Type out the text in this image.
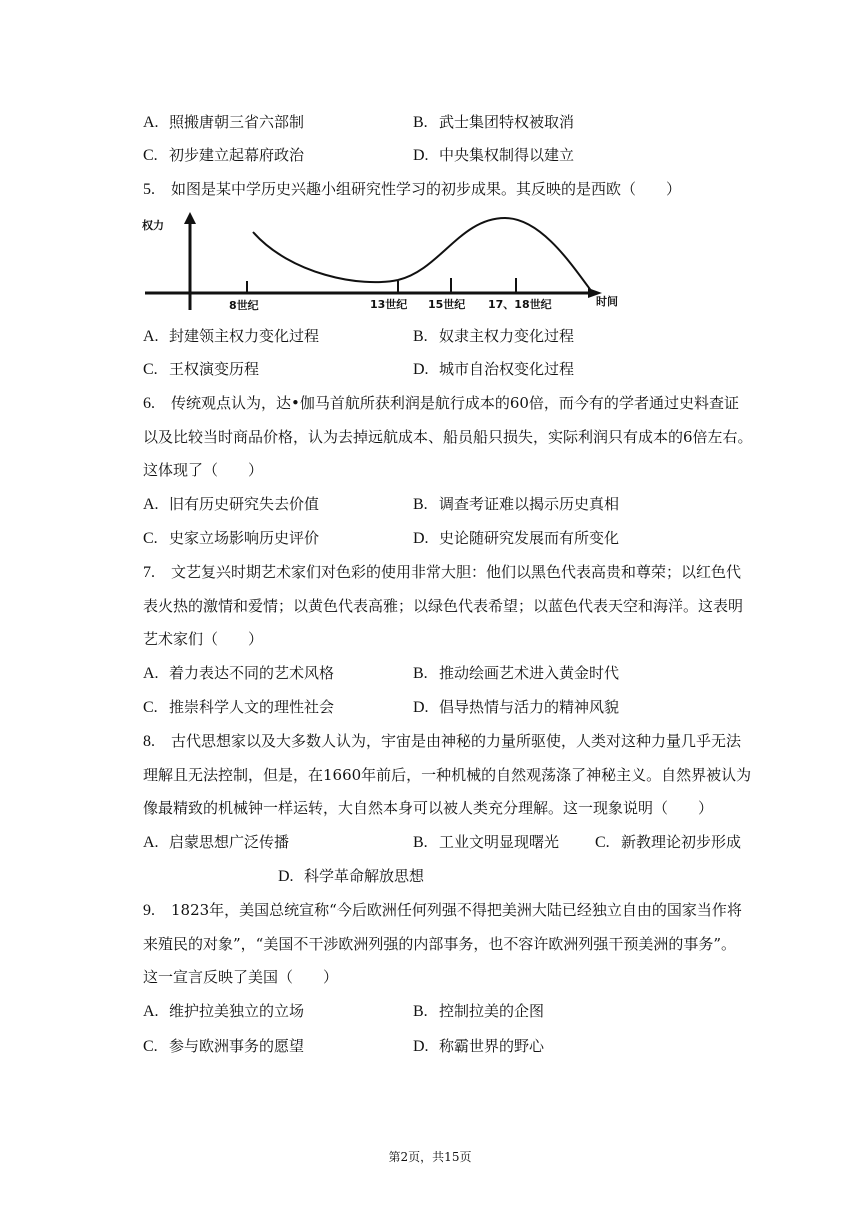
A. 照搬唐朝三省六部制	B. 武士集团特权被取消
C. 初步建立起幕府政治	D. 中央集权制得以建立
5. 如图是某中学历史兴趣小组研究性学习的初步成果。其反映的是西欧（　　）
权力
8世纪	13世纪 15世纪 17、18世纪	时间
A. 封建领主权力变化过程	B. 奴隶主权力变化过程
C. 王权演变历程	D. 城市自治权变化过程
6. 传统观点认为，达•伽马首航所获利润是航行成本的60倍，而今有的学者通过史料查证
以及比较当时商品价格，认为去掉远航成本、船员船只损失，实际利润只有成本的6倍左右。
这体现了（　　）
A. 旧有历史研究失去价值	B. 调查考证难以揭示历史真相
C. 史家立场影响历史评价	D. 史论随研究发展而有所变化
7. 文艺复兴时期艺术家们对色彩的使用非常大胆：他们以黑色代表高贵和尊荣；以红色代
表火热的激情和爱情；以黄色代表高雅；以绿色代表希望；以蓝色代表天空和海洋。这表明
艺术家们（　　）
A. 着力表达不同的艺术风格	B. 推动绘画艺术进入黄金时代
C. 推崇科学人文的理性社会	D. 倡导热情与活力的精神风貌
8. 古代思想家以及大多数人认为，宇宙是由神秘的力量所驱使，人类对这种力量几乎无法
理解且无法控制，但是，在1660年前后，一种机械的自然观荡涤了神秘主义。自然界被认为
像最精致的机械钟一样运转，大自然本身可以被人类充分理解。这一现象说明（　　）
A. 启蒙思想广泛传播	B. 工业文明显现曙光 C. 新教理论初步形成
D. 科学革命解放思想
9. 1823年，美国总统宣称“今后欧洲任何列强不得把美洲大陆已经独立自由的国家当作将
来殖民的对象”，“美国不干涉欧洲列强的内部事务，也不容许欧洲列强干预美洲的事务”。
这一宣言反映了美国（　　）
A. 维护拉美独立的立场	B. 控制拉美的企图
C. 参与欧洲事务的愿望	D. 称霸世界的野心
第2页，共15页
